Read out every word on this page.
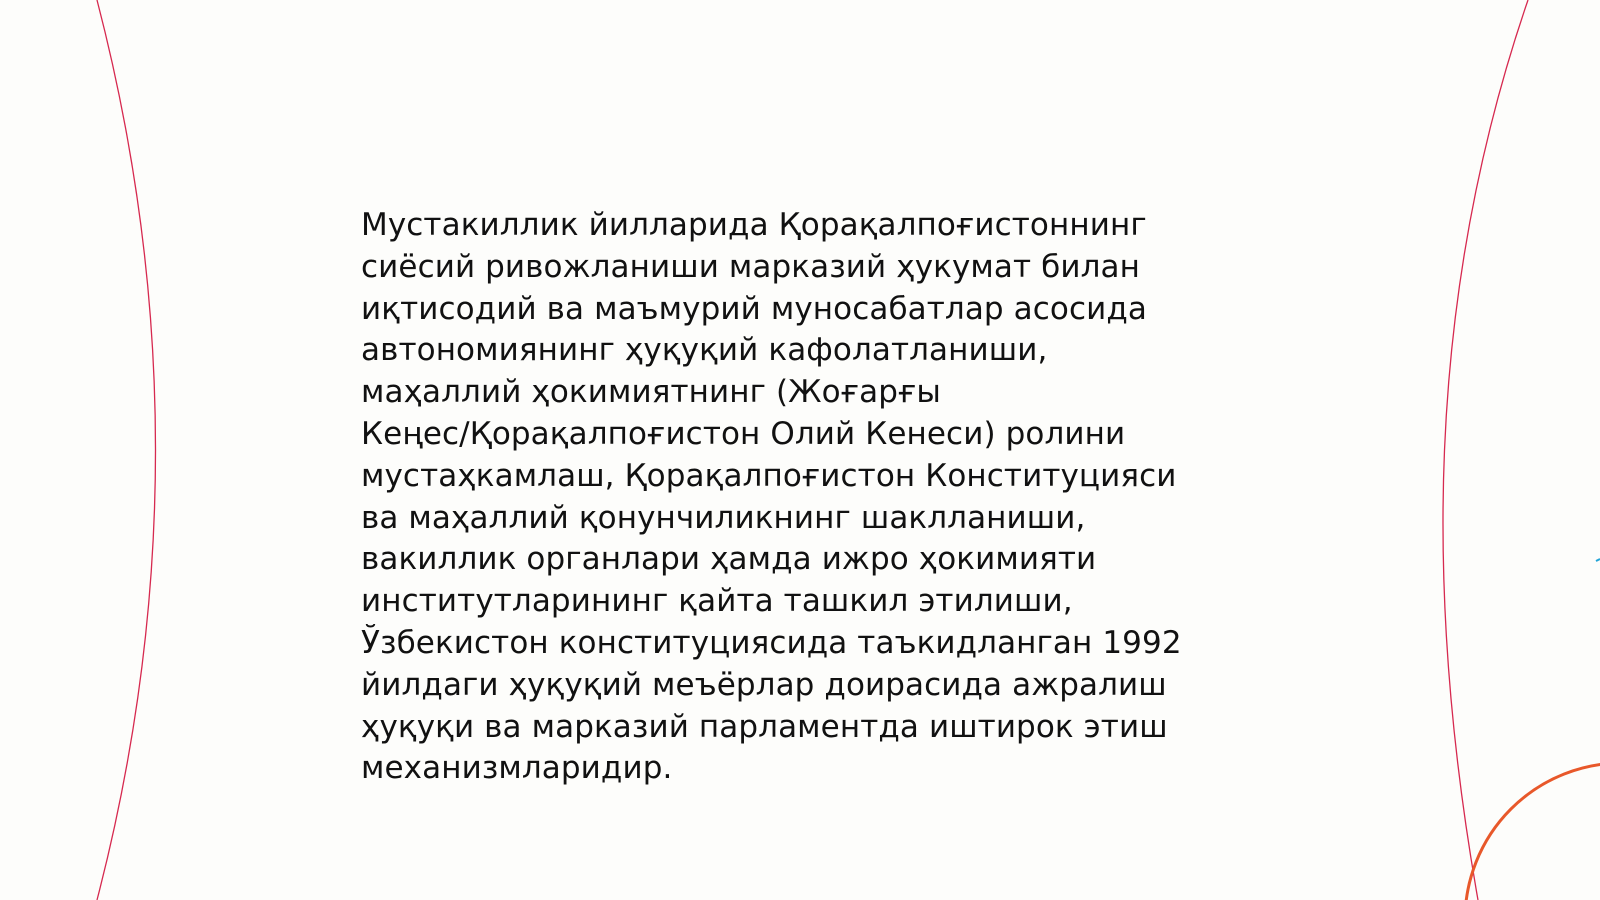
Мустакиллик йилларида Қорақалпоғистоннинг
сиёсий ривожланиши марказий ҳукумат билан
иқтисодий ва маъмурий муносабатлар асосида
автономиянинг ҳуқуқий кафолатланиши,
маҳаллий ҳокимиятнинг (Жоғарғы
Кеңес/Қорақалпоғистон Олий Кенеси) ролини
мустаҳкамлаш, Қорақалпоғистон Конституцияси
ва маҳаллий қонунчиликнинг шаклланиши,
вакиллик органлари ҳамда ижро ҳокимияти
институтларининг қайта ташкил этилиши,
Ўзбекистон конституциясида таъкидланган 1992
йилдаги ҳуқуқий меъёрлар доирасида ажралиш
ҳуқуқи ва марказий парламентда иштирок этиш
механизмларидир.
